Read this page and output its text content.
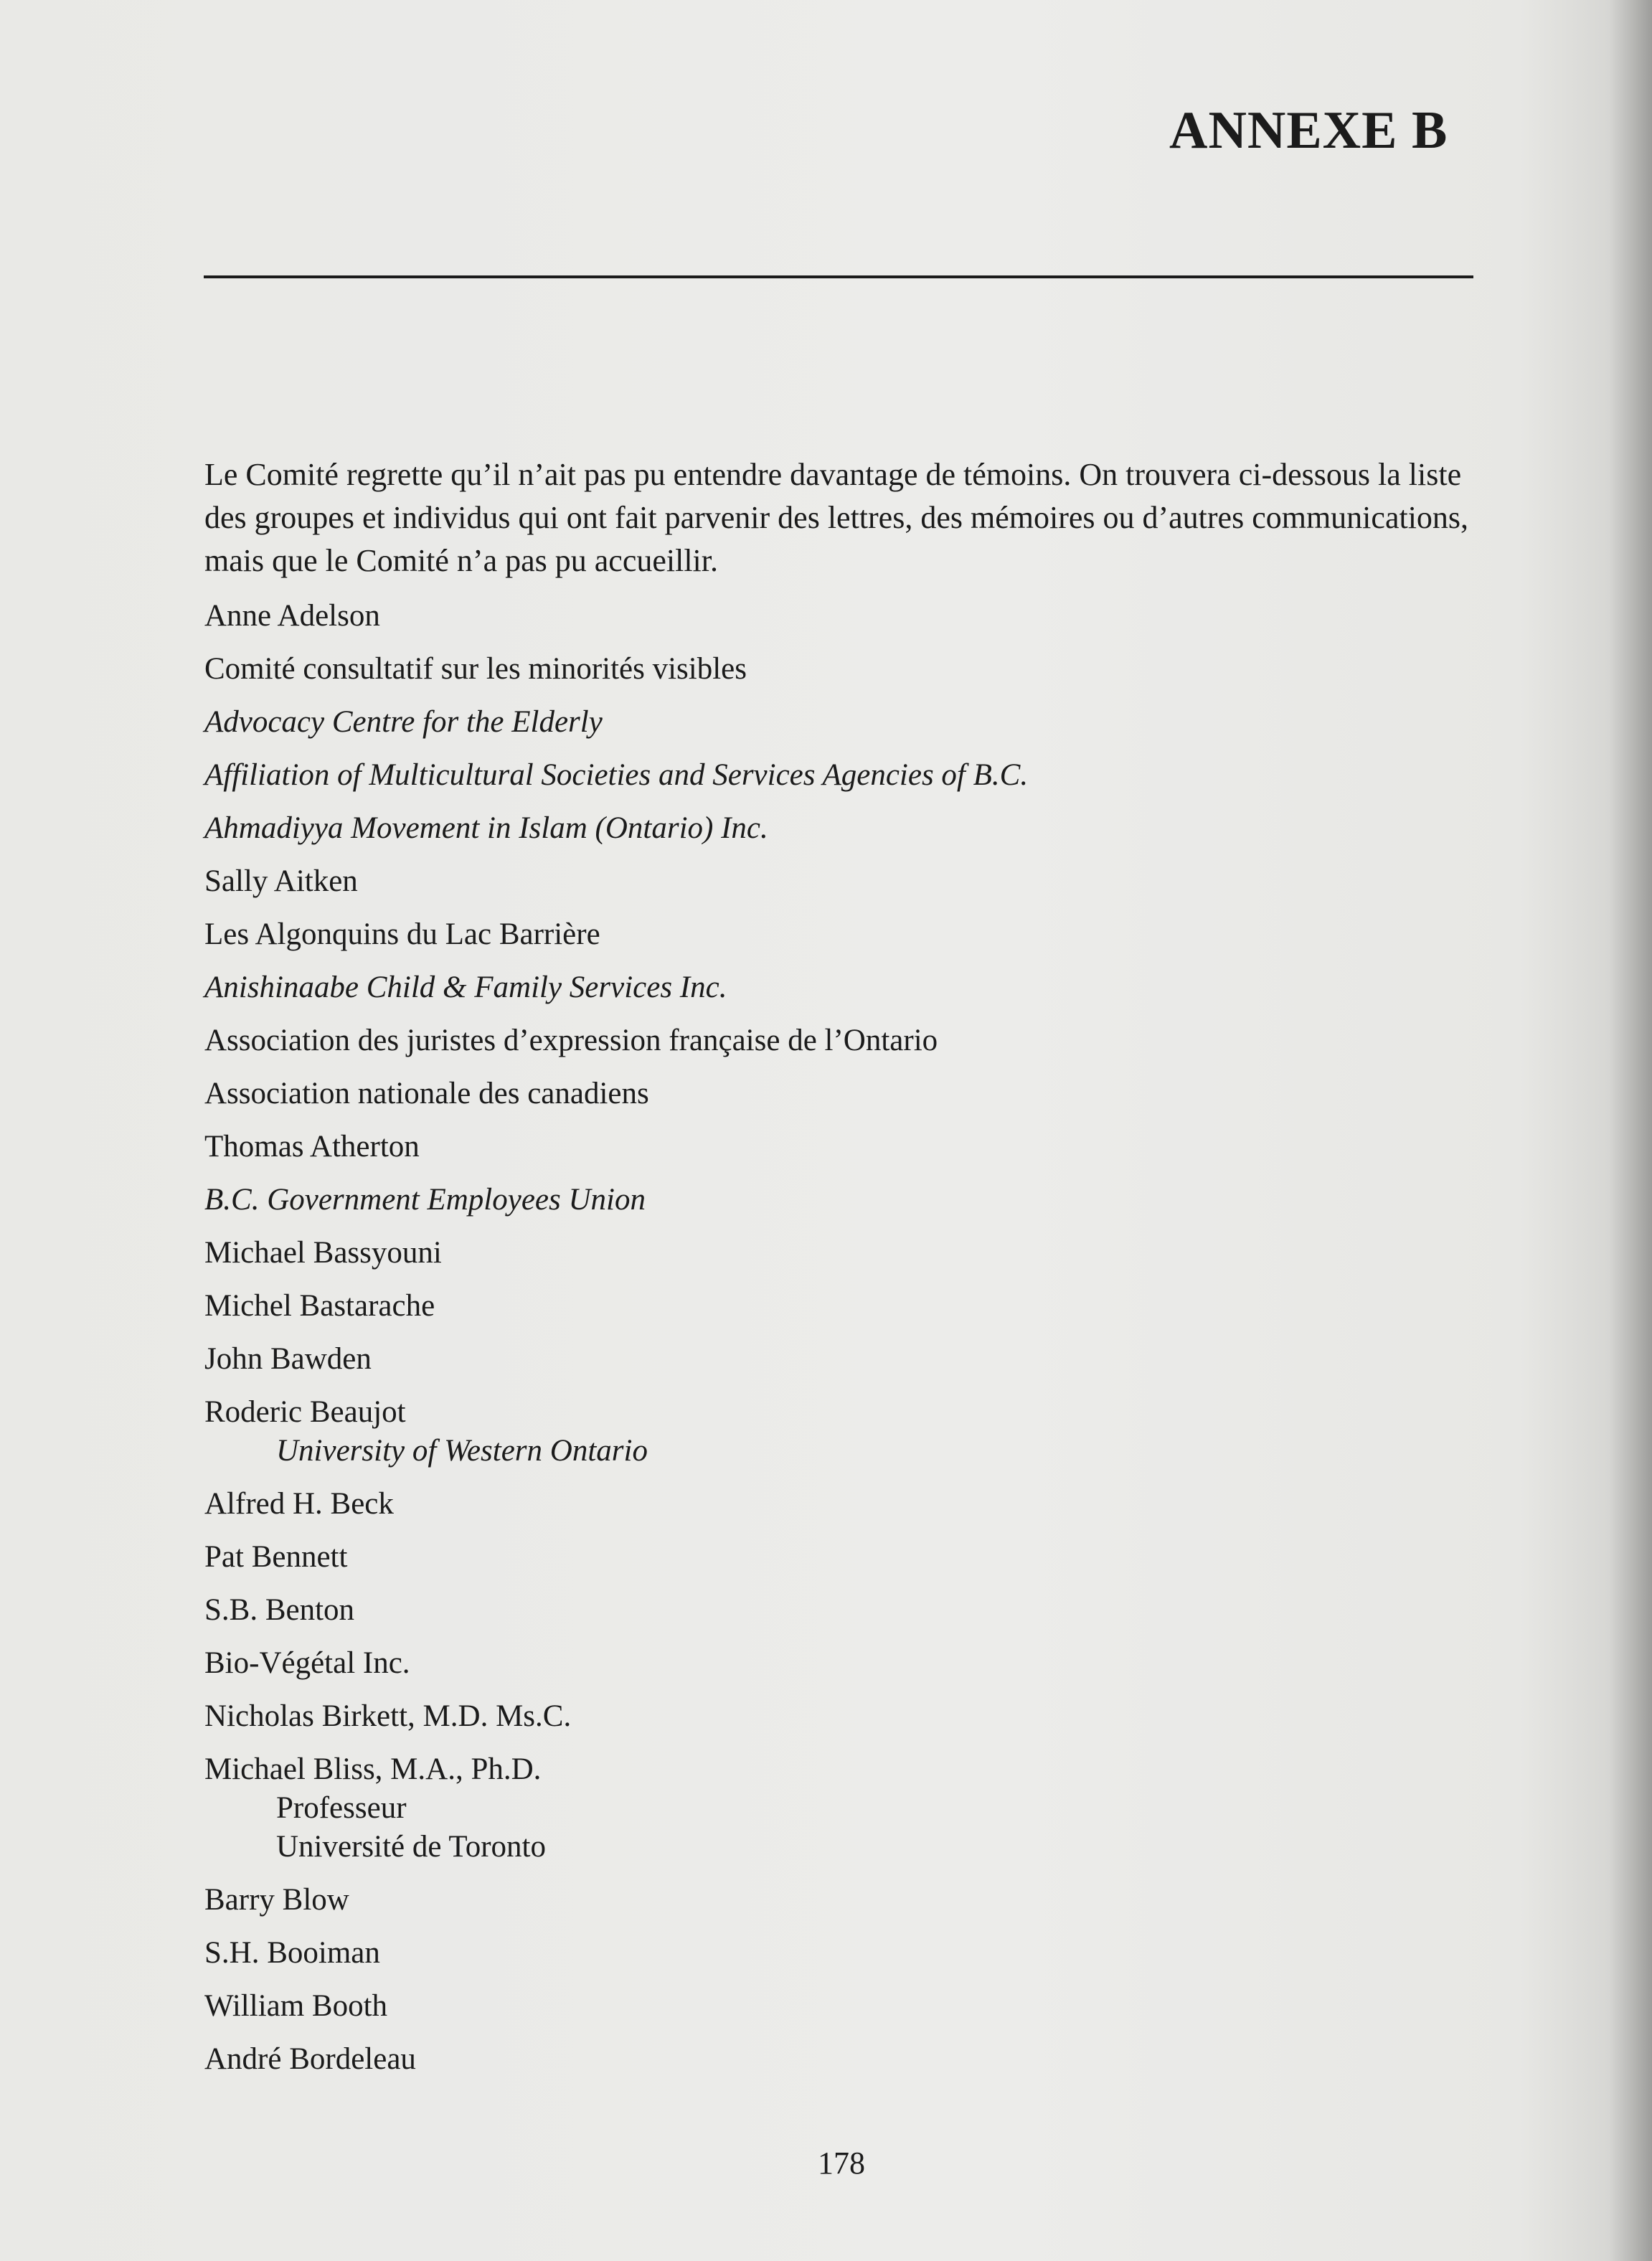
ANNEXE B

Le Comité regrette qu’il n’ait pas pu entendre davantage de témoins. On trouvera ci-dessous la liste des groupes et individus qui ont fait parvenir des lettres, des mémoires ou d’autres communications, mais que le Comité n’a pas pu accueillir.

Anne Adelson
Comité consultatif sur les minorités visibles
Advocacy Centre for the Elderly
Affiliation of Multicultural Societies and Services Agencies of B.C.
Ahmadiyya Movement in Islam (Ontario) Inc.
Sally Aitken
Les Algonquins du Lac Barrière
Anishinaabe Child & Family Services Inc.
Association des juristes d’expression française de l’Ontario
Association nationale des canadiens
Thomas Atherton
B.C. Government Employees Union
Michael Bassyouni
Michel Bastarache
John Bawden
Roderic Beaujot
University of Western Ontario
Alfred H. Beck
Pat Bennett
S.B. Benton
Bio-Végétal Inc.
Nicholas Birkett, M.D. Ms.C.
Michael Bliss, M.A., Ph.D.
Professeur
Université de Toronto
Barry Blow
S.H. Booiman
William Booth
André Bordeleau

178
